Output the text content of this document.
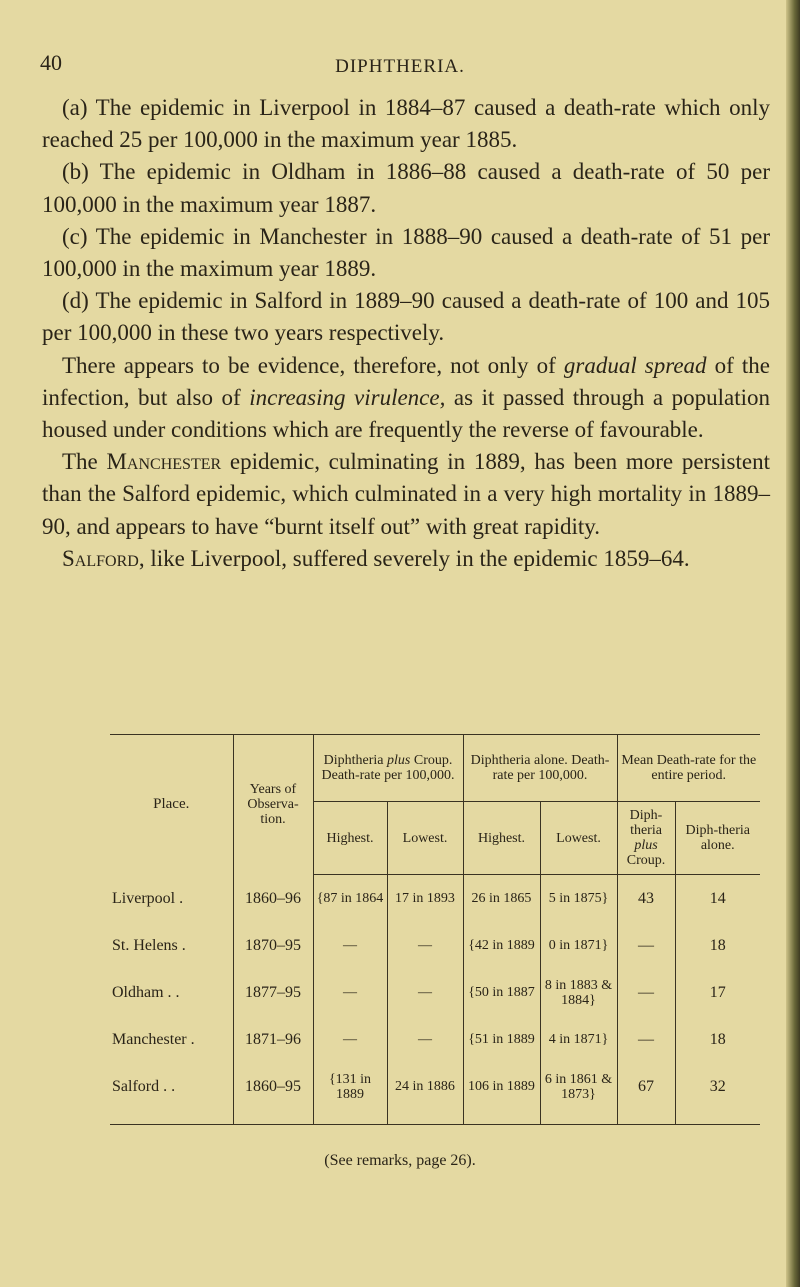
40	DIPHTHERIA.

(a) The epidemic in Liverpool in 1884–87 caused a death-rate which only reached 25 per 100,000 in the maximum year 1885.

(b) The epidemic in Oldham in 1886–88 caused a death-rate of 50 per 100,000 in the maximum year 1887.

(c) The epidemic in Manchester in 1888–90 caused a death-rate of 51 per 100,000 in the maximum year 1889.

(d) The epidemic in Salford in 1889–90 caused a death-rate of 100 and 105 per 100,000 in these two years respectively.

There appears to be evidence, therefore, not only of gradual spread of the infection, but also of increasing virulence, as it passed through a population housed under conditions which are frequently the reverse of favourable.

The Manchester epidemic, culminating in 1889, has been more persistent than the Salford epidemic, which culminated in a very high mortality in 1889–90, and appears to have “burnt itself out” with great rapidity.

Salford, like Liverpool, suffered severely in the epidemic 1859–64.

Place.	Years of Observa-tion.	Diphtheria plus Croup. Death-rate per 100,000.		Diphtheria alone. Death-rate per 100,000.		Mean Death-rate for the entire period.	
		Highest.	Lowest.	Highest.	Lowest.	Diph-theria plus Croup.	Diph-theria alone.
Liverpool .	1860–96	{87 in 1864	17 in 1893	26 in 1865	5 in 1875}	43	14
St. Helens .	1870–95	—	—	{42 in 1889	0 in 1871}	—	18
Oldham . .	1877–95	—	—	{50 in 1887	8 in 1883 & 1884}	—	17
Manchester .	1871–96	—	—	{51 in 1889	4 in 1871}	—	18
Salford . .	1860–95	{131 in 1889	24 in 1886	106 in 1889	6 in 1861 & 1873}	67	32
(See remarks, page 26).
